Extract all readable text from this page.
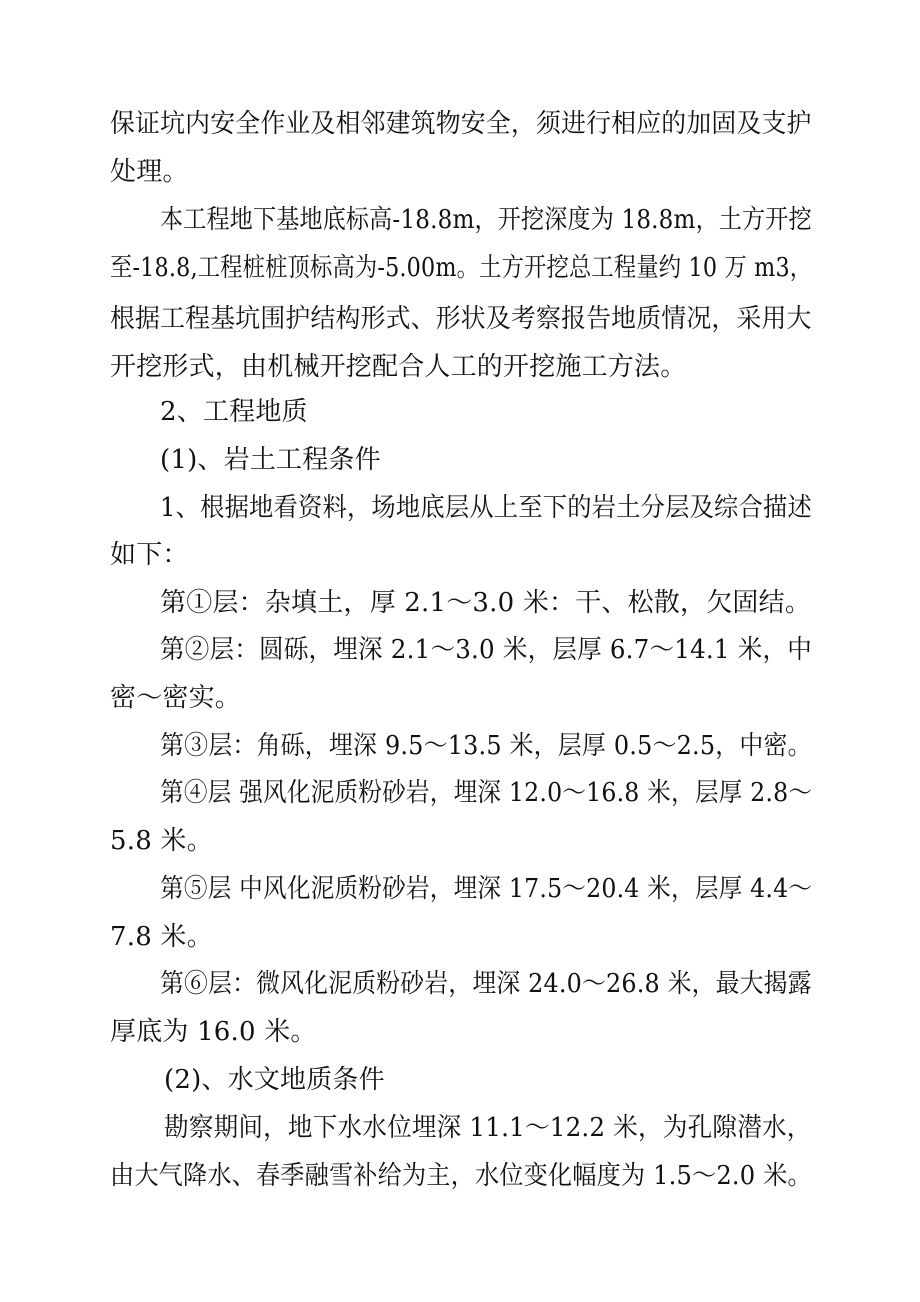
保证坑内安全作业及相邻建筑物安全，须进行相应的加固及支护
处理。
本工程地下基地底标高-18.8m，开挖深度为 18.8m，土方开挖
至-18.8,工程桩桩顶标高为-5.00m。土方开挖总工程量约 10 万 m3，
根据工程基坑围护结构形式、形状及考察报告地质情况，采用大
开挖形式，由机械开挖配合人工的开挖施工方法。
2、工程地质
(1)、岩土工程条件
1、根据地看资料，场地底层从上至下的岩土分层及综合描述
如下：
第①层：杂填土，厚 2.1～3.0 米：干、松散，欠固结。
第②层：圆砾，埋深 2.1～3.0 米，层厚 6.7～14.1 米，中
密～密实。
第③层：角砾，埋深 9.5～13.5 米，层厚 0.5～2.5，中密。
第④层 强风化泥质粉砂岩，埋深 12.0～16.8 米，层厚 2.8～
5.8 米。
第⑤层 中风化泥质粉砂岩，埋深 17.5～20.4 米，层厚 4.4～
7.8 米。
第⑥层：微风化泥质粉砂岩，埋深 24.0～26.8 米，最大揭露
厚底为 16.0 米。
(2)、水文地质条件
勘察期间，地下水水位埋深 11.1～12.2 米，为孔隙潜水，
由大气降水、春季融雪补给为主，水位变化幅度为 1.5～2.0 米。
